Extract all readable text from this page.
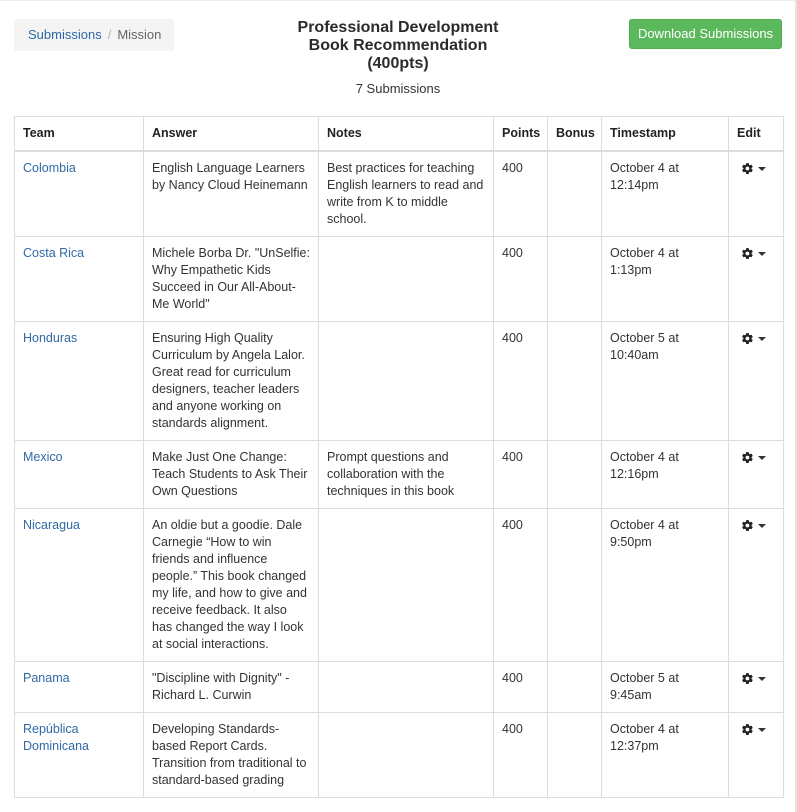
Submissions / Mission	Professional Development
Book Recommendation
(400pts)
7 Submissions
Download Submissions
Team	Answer	Notes	Points	Bonus	Timestamp	Edit
Colombia	English Language Learners by Nancy Cloud Heinemann	Best practices for teaching English learners to read and write from K to middle school.	400		October 4 at 12:14pm	

Costa Rica	Michele Borba Dr. "UnSelfie: Why Empathetic Kids Succeed in Our All-About-Me World"		400		October 4 at 1:13pm	

Honduras	Ensuring High Quality Curriculum by Angela Lalor. Great read for curriculum designers, teacher leaders and anyone working on standards alignment.		400		October 5 at 10:40am	

Mexico	Make Just One Change: Teach Students to Ask Their Own Questions	Prompt questions and collaboration with the techniques in this book	400		October 4 at 12:16pm	

Nicaragua	An oldie but a goodie. Dale Carnegie “How to win friends and influence people.” This book changed my life, and how to give and receive feedback. It also has changed the way I look at social interactions.		400		October 4 at 9:50pm	

Panama	"Discipline with Dignity" - Richard L. Curwin		400		October 5 at 9:45am	

República Dominicana	Developing Standards-based Report Cards. Transition from traditional to standard-based grading		400		October 4 at 12:37pm	
